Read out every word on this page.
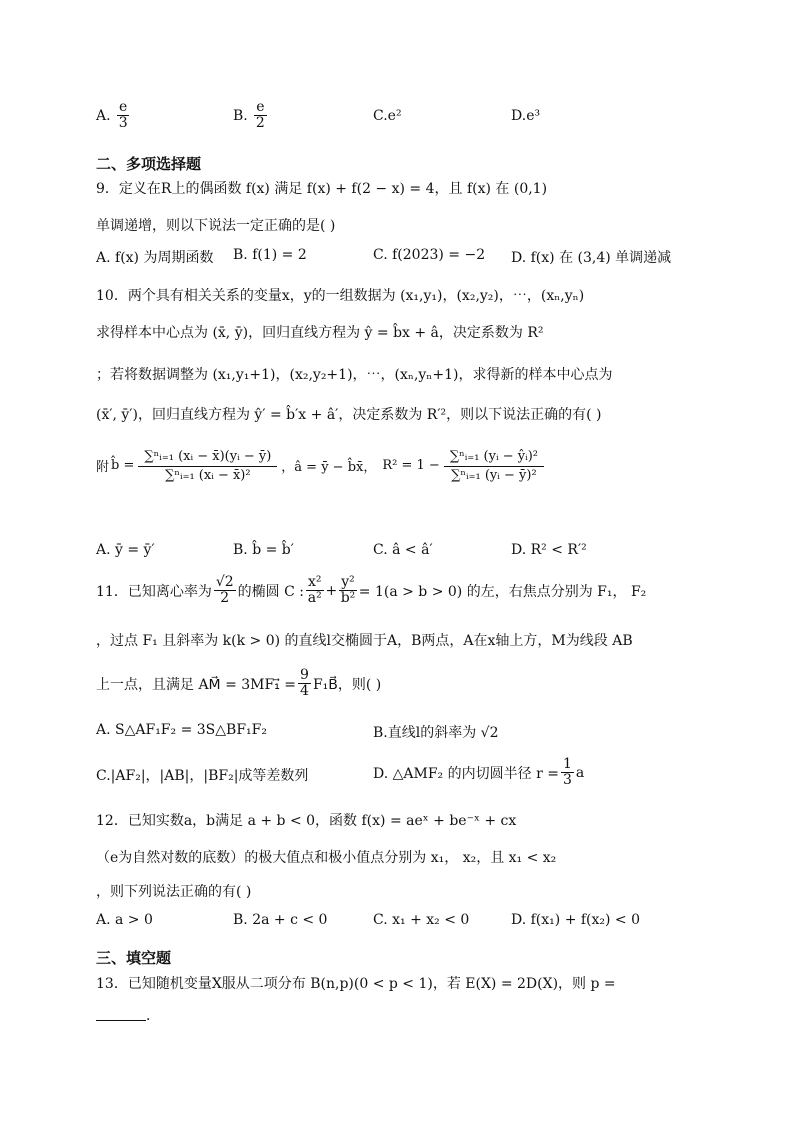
A. $\frac{e}{3}$	B. $\frac{e}{2}$	C.e²	D.e³
二、多项选择题
9．定义在R上的偶函数 f(x) 满足 f(x) + f(2 − x) = 4，且 f(x) 在 (0,1)
单调递增，则以下说法一定正确的是( )
A. f(x) 为周期函数 B. f(1) = 2	C. f(2023) = −2 D. f(x) 在 (3,4) 单调递减
10．两个具有相关关系的变量x，y的一组数据为 (x₁,y₁)，(x₂,y₂)，⋯，(xₙ,yₙ)
求得样本中心点为 (x̄, ȳ)，回归直线方程为 ŷ = b̂x + â，决定系数为 R²
；若将数据调整为 (x₁,y₁+1)，(x₂,y₂+1)，⋯，(xₙ,yₙ+1)，求得新的样本中心点为
(x̄′, ȳ′)，回归直线方程为 ŷ′ = b̂′x + â′，决定系数为 R′²，则以下说法正确的有( )
附 b̂ = $\frac{\text{∑ⁿᵢ₌₁ (xᵢ − x̄)(yᵢ − ȳ)}}{\text{∑ⁿᵢ₌₁ (xᵢ − x̄)²}}$ ，â = ȳ − b̂x̄， $R^2 = 1 - \frac{\text{∑ⁿᵢ₌₁ (yᵢ − ŷᵢ)²}}{\text{∑ⁿᵢ₌₁ (yᵢ − ȳ)²}}$
A. ȳ = ȳ′	B. b̂ = b̂′	C. â < â′	D. R² < R′²
11．已知离心率为 $\frac{√2}{2}$ 的椭圆 C : $\frac{\text{x²}}{\text{a²}} + \frac{\text{y²}}{\text{b²}} = 1(a > b > 0)$ 的左，右焦点分别为 F₁， F₂
，过点 F₁ 且斜率为 k(k > 0) 的直线l交椭圆于A，B两点，A在x轴上方，M为线段 AB
上一点，且满足 AM⃗ = 3MF₁⃗ = $\frac{9}{4}$ F₁B⃗，则( )
A. S△AF₁F₂ = 3S△BF₁F₂	B.直线l的斜率为 √2
C.|AF₂|，|AB|，|BF₂|成等差数列	D. △AMF₂ 的内切圆半径 $r = \frac{1}{3}$ a
12．已知实数a，b满足 a + b < 0，函数 f(x) = aeˣ + be⁻ˣ + cx
（e为自然对数的底数）的极大值点和极小值点分别为 x₁， x₂，且 x₁ < x₂
，则下列说法正确的有( )
A. a > 0	B. 2a + c < 0	C. x₁ + x₂ < 0	D. f(x₁) + f(x₂) < 0
三、填空题
13．已知随机变量X服从二项分布 B(n,p)(0 < p < 1)，若 E(X) = 2D(X)，则 p =
.
